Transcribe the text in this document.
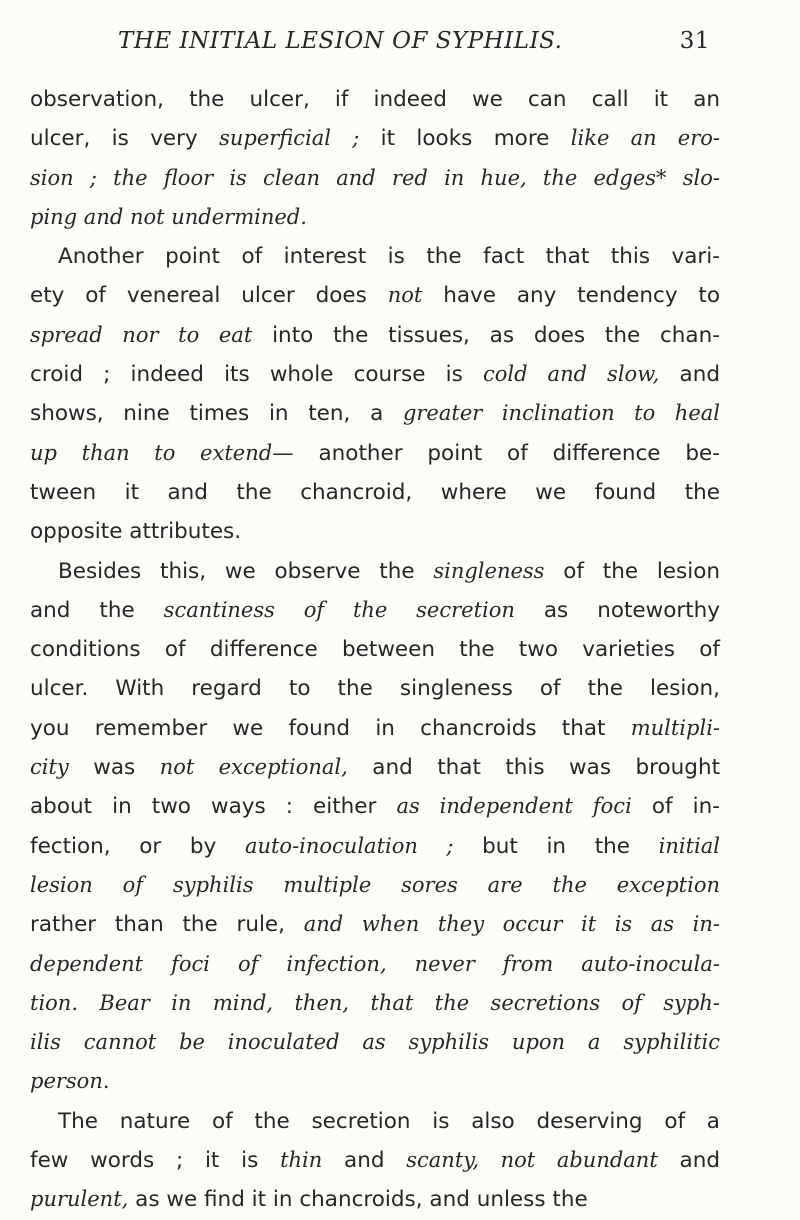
THE INITIAL LESION OF SYPHILIS.	31
observation, the ulcer, if indeed we can call it an
ulcer, is very superficial ; it looks more like an ero-
sion ; the floor is clean and red in hue, the edges* slo-
ping and not undermined.
Another point of interest is the fact that this vari-
ety of venereal ulcer does not have any tendency to
spread nor to eat into the tissues, as does the chan-
croid ; indeed its whole course is cold and slow, and
shows, nine times in ten, a greater inclination to heal
up than to extend— another point of difference be-
tween it and the chancroid, where we found the
opposite attributes.
Besides this, we observe the singleness of the lesion
and the scantiness of the secretion as noteworthy
conditions of difference between the two varieties of
ulcer. With regard to the singleness of the lesion,
you remember we found in chancroids that multipli-
city was not exceptional, and that this was brought
about in two ways : either as independent foci of in-
fection, or by auto-inoculation ; but in the initial
lesion of syphilis multiple sores are the exception
rather than the rule, and when they occur it is as in-
dependent foci of infection, never from auto-inocula-
tion. Bear in mind, then, that the secretions of syph-
ilis cannot be inoculated as syphilis upon a syphilitic
person.
The nature of the secretion is also deserving of a
few words ; it is thin and scanty, not abundant and
purulent, as we find it in chancroids, and unless the
